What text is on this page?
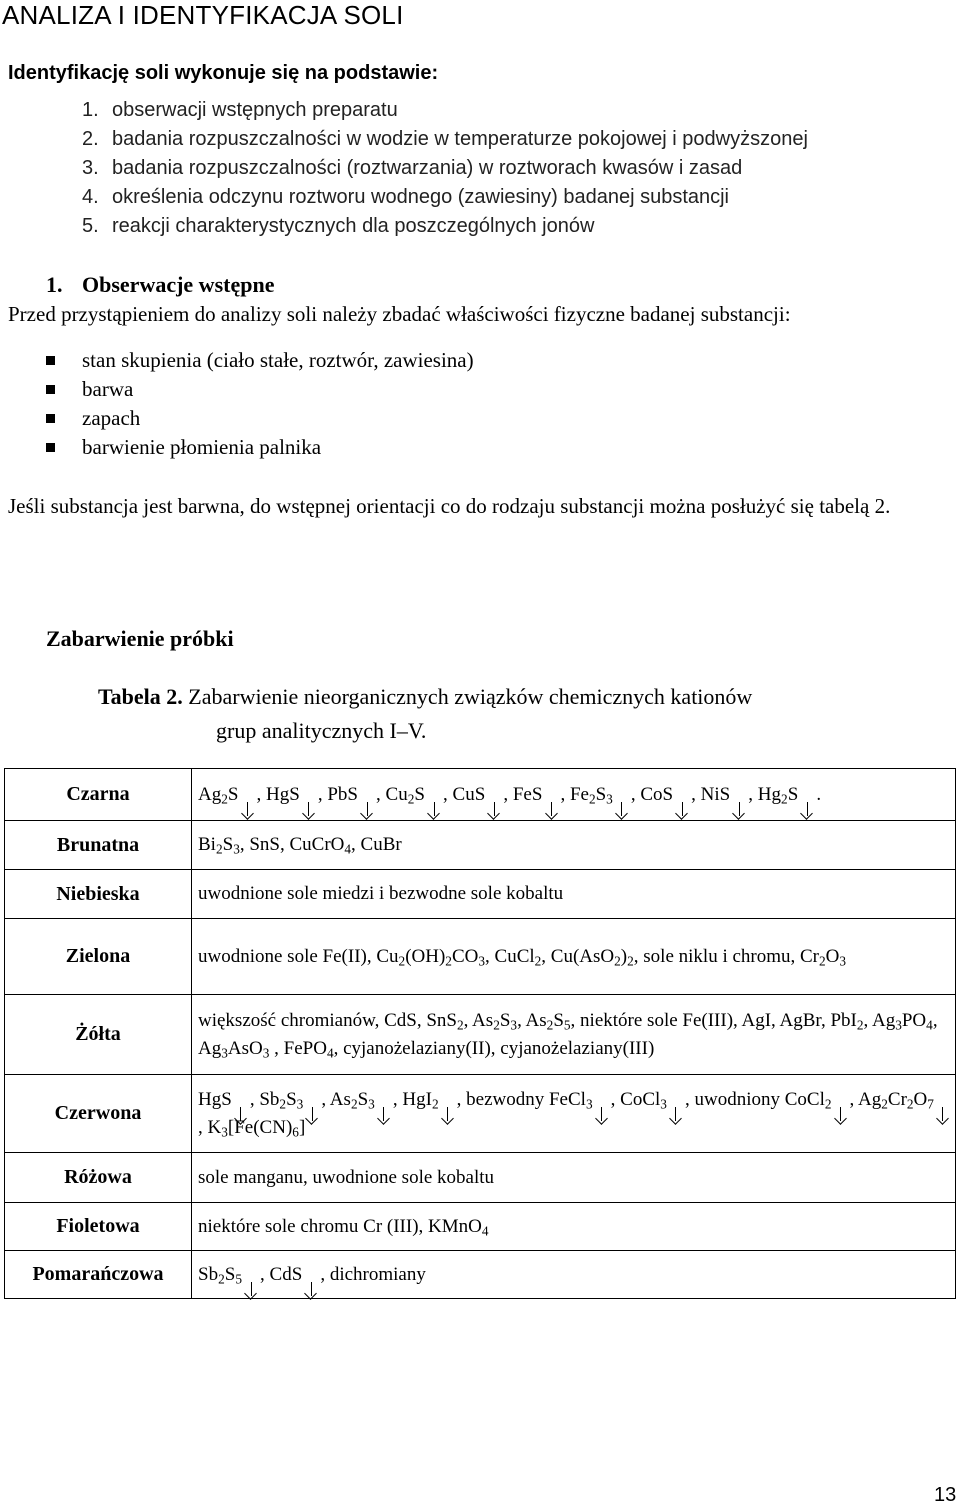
ANALIZA I IDENTYFIKACJA SOLI
Identyfikację soli wykonuje się na podstawie:
1. obserwacji wstępnych preparatu
2. badania rozpuszczalności w wodzie w temperaturze pokojowej i podwyższonej
3. badania rozpuszczalności (roztwarzania) w roztworach kwasów i zasad
4. określenia odczynu roztworu wodnego (zawiesiny) badanej substancji
5. reakcji charakterystycznych dla poszczególnych jonów
1. Obserwacje wstępne
Przed przystąpieniem do analizy soli należy zbadać właściwości fizyczne badanej substancji:
stan skupienia (ciało stałe, roztwór, zawiesina)
barwa
zapach
barwienie płomienia palnika
Jeśli substancja jest barwna, do wstępnej orientacji co do rodzaju substancji można posłużyć się tabelą 2.
Zabarwienie próbki
Tabela 2. Zabarwienie nieorganicznych związków chemicznych kationów
grup analitycznych I–V.
Czarna	$Ag_2S$ , HgS , PbS , $Cu_2S$ , CuS , FeS , $Fe_2S_3$ , CoS , NiS , $Hg_2S$ .
Brunatna	$Bi_2S_3$, SnS, CuCrO$_4$, CuBr
Niebieska	uwodnione sole miedzi i bezwodne sole kobaltu
Zielona	uwodnione sole Fe(II), $Cu_2(OH)_2CO_3$, CuCl$_2$, $Cu(AsO_2)_2$, sole niklu i chromu, $Cr_2O_3$
Żółta	większość chromianów, CdS, SnS$_2$, $As_2S_3$, $As_2S_5$, niektóre sole Fe(III), AgI, AgBr, PbI$_2$, $Ag_3PO_4$, $Ag_3AsO_3$ , FePO$_4$, cyjanożelaziany(II), cyjanożelaziany(III)
Czerwona	HgS , $Sb_2S_3$ , $As_2S_3$ , HgI$_2$ , bezwodny FeCl$_3$ , CoCl$_3$ , uwodniony CoCl$_2$ , $Ag_2Cr_2O_7$, $K_3[Fe(CN)_6]$
Różowa	sole manganu, uwodnione sole kobaltu
Fioletowa	niektóre sole chromu Cr (III), KMnO$_4$
Pomarańczowa	$Sb_2S_5$ , CdS , dichromiany
13
